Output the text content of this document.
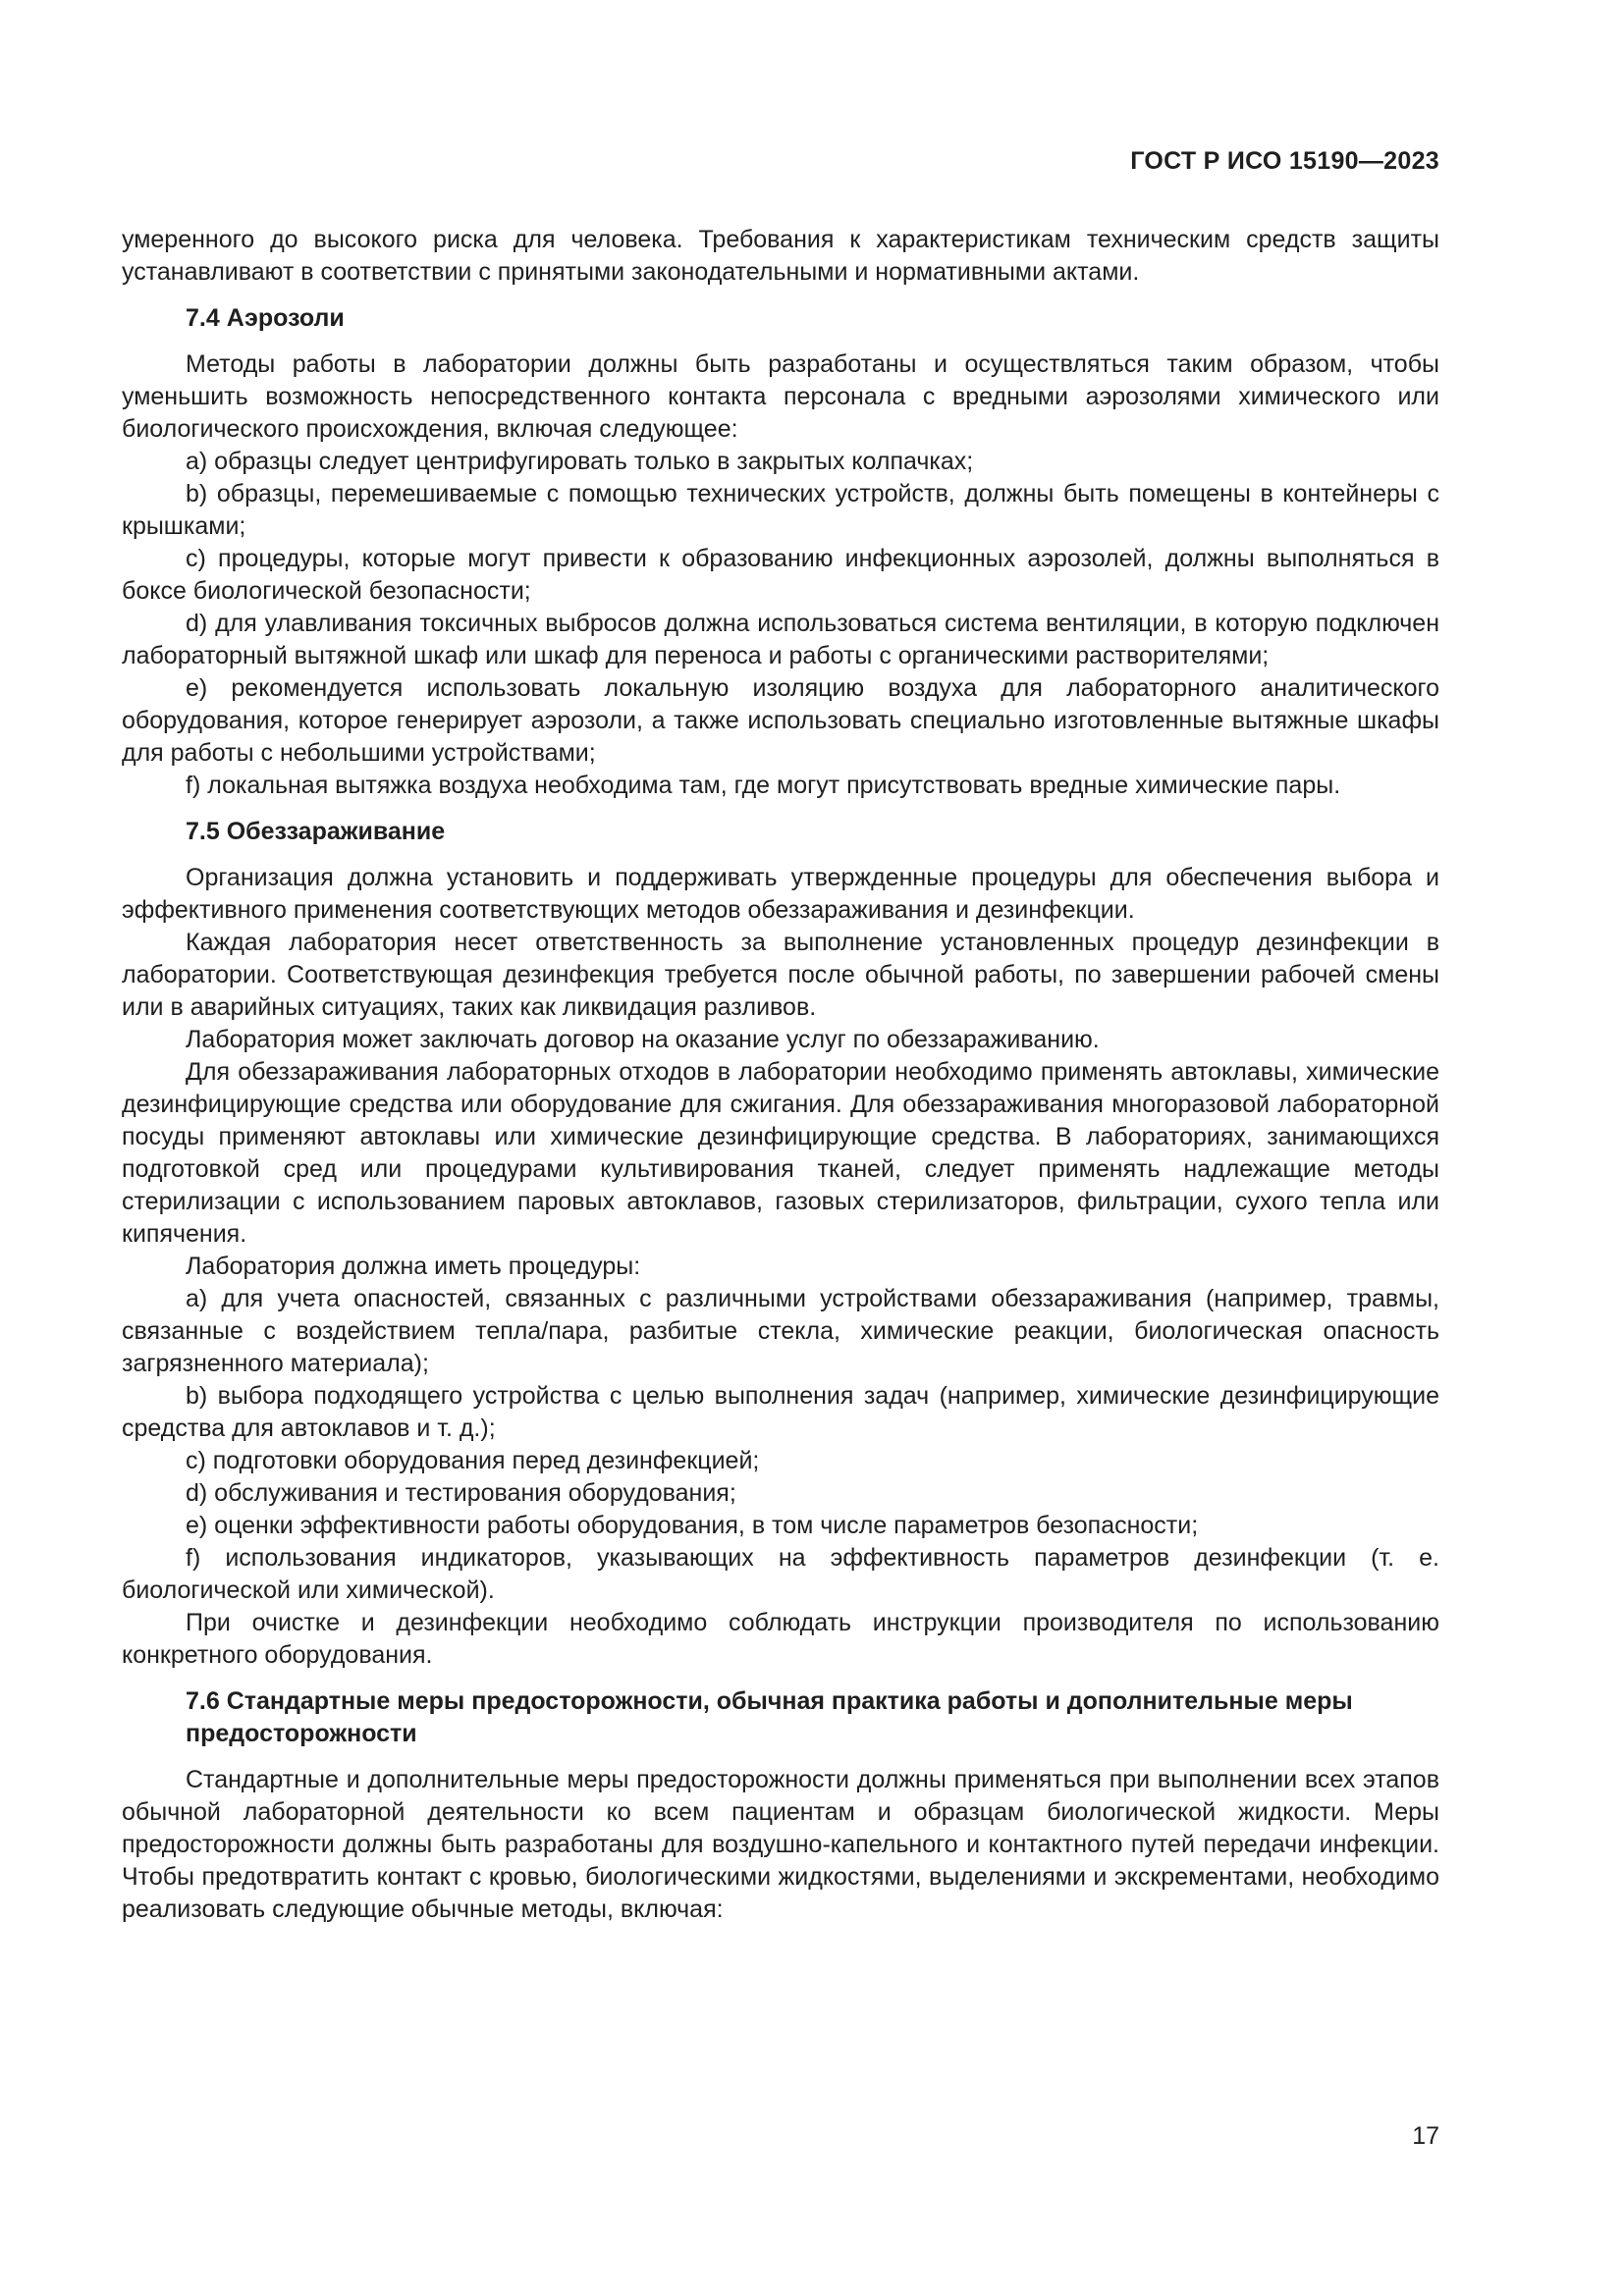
ГОСТ Р ИСО 15190—2023

умеренного до высокого риска для человека. Требования к характеристикам техническим средств защиты устанавливают в соответствии с принятыми законодательными и нормативными актами.

7.4 Аэрозоли

Методы работы в лаборатории должны быть разработаны и осуществляться таким образом, чтобы уменьшить возможность непосредственного контакта персонала с вредными аэрозолями химического или биологического происхождения, включая следующее:

a) образцы следует центрифугировать только в закрытых колпачках;

b) образцы, перемешиваемые с помощью технических устройств, должны быть помещены в контейнеры с крышками;

c) процедуры, которые могут привести к образованию инфекционных аэрозолей, должны выполняться в боксе биологической безопасности;

d) для улавливания токсичных выбросов должна использоваться система вентиляции, в которую подключен лабораторный вытяжной шкаф или шкаф для переноса и работы с органическими растворителями;

e) рекомендуется использовать локальную изоляцию воздуха для лабораторного аналитического оборудования, которое генерирует аэрозоли, а также использовать специально изготовленные вытяжные шкафы для работы с небольшими устройствами;

f) локальная вытяжка воздуха необходима там, где могут присутствовать вредные химические пары.

7.5 Обеззараживание

Организация должна установить и поддерживать утвержденные процедуры для обеспечения выбора и эффективного применения соответствующих методов обеззараживания и дезинфекции.

Каждая лаборатория несет ответственность за выполнение установленных процедур дезинфекции в лаборатории. Соответствующая дезинфекция требуется после обычной работы, по завершении рабочей смены или в аварийных ситуациях, таких как ликвидация разливов.

Лаборатория может заключать договор на оказание услуг по обеззараживанию.

Для обеззараживания лабораторных отходов в лаборатории необходимо применять автоклавы, химические дезинфицирующие средства или оборудование для сжигания. Для обеззараживания многоразовой лабораторной посуды применяют автоклавы или химические дезинфицирующие средства. В лабораториях, занимающихся подготовкой сред или процедурами культивирования тканей, следует применять надлежащие методы стерилизации с использованием паровых автоклавов, газовых стерилизаторов, фильтрации, сухого тепла или кипячения.

Лаборатория должна иметь процедуры:

a) для учета опасностей, связанных с различными устройствами обеззараживания (например, травмы, связанные с воздействием тепла/пара, разбитые стекла, химические реакции, биологическая опасность загрязненного материала);

b) выбора подходящего устройства с целью выполнения задач (например, химические дезинфицирующие средства для автоклавов и т. д.);

c) подготовки оборудования перед дезинфекцией;

d) обслуживания и тестирования оборудования;

e) оценки эффективности работы оборудования, в том числе параметров безопасности;

f) использования индикаторов, указывающих на эффективность параметров дезинфекции (т. е. биологической или химической).

При очистке и дезинфекции необходимо соблюдать инструкции производителя по использованию конкретного оборудования.

7.6 Стандартные меры предосторожности, обычная практика работы и дополнительные меры предосторожности

Стандартные и дополнительные меры предосторожности должны применяться при выполнении всех этапов обычной лабораторной деятельности ко всем пациентам и образцам биологической жидкости. Меры предосторожности должны быть разработаны для воздушно-капельного и контактного путей передачи инфекции. Чтобы предотвратить контакт с кровью, биологическими жидкостями, выделениями и экскрементами, необходимо реализовать следующие обычные методы, включая:

17
